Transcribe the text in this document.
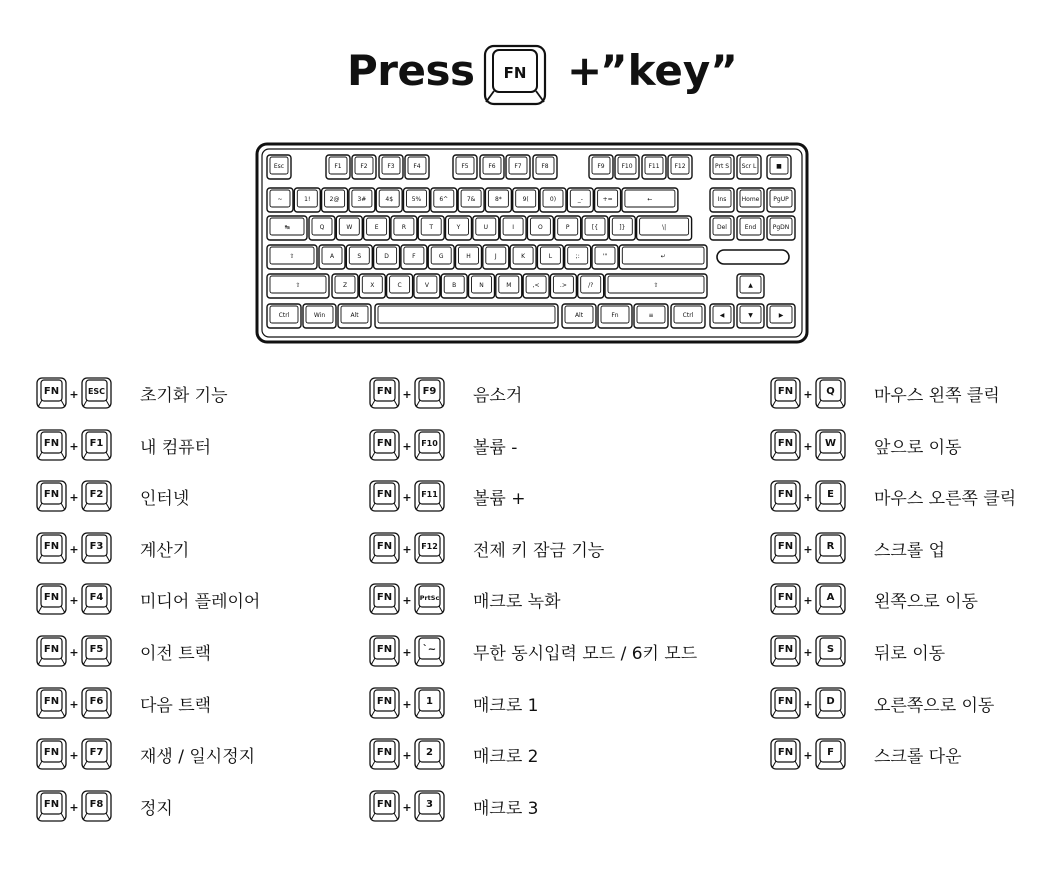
Press FN +
”key”
Esc	F1	F2	F3	F4	F5	F6	F7	F8	F9	F10	F11 F12	Prt S Scr L	■
~	1!	2@	3#	4$	5%	6^	7&	8*	9(	0)	_-	+=	←	Ins	Home PgUP
↹	Q	W	E	R	T	Y	U	I	O	P	[{	]}	\|	Del	End	PgDN
⇧	A	S	D	F	G	H	J	K	L	;:	'"	↵
⇧	Z	X	C	V	B	N	M	,<	.>	/?	⇧	▲
Ctrl	Win	Alt	Alt	Fn	≡	Ctrl	◀	▼	▶
FN + ESC 초기화 기능
FN + F1 내 컴퓨터
FN + F2 인터넷
FN + F3 계산기
FN + F4 미디어 플레이어
FN + F5 이전 트랙
FN + F6 다음 트랙
FN + F7 재생 / 일시정지
FN + F8 정지
FN + F9 음소거
FN + F10 볼륨 -
FN + F11 볼륨 +
FN + F12 전제 키 잠금 기능
FN + PrtSc 매크로 녹화
FN + `~ 무한 동시입력 모드 / 6키 모드
FN + 1 매크로 1
FN + 2 매크로 2
FN + 3 매크로 3
FN + Q 마우스 왼쪽 클릭
FN + W 앞으로 이동
FN + E 마우스 오른쪽 클릭
FN + R 스크롤 업
FN + A 왼쪽으로 이동
FN + S 뒤로 이동
FN + D 오른쪽으로 이동
FN + F 스크롤 다운
